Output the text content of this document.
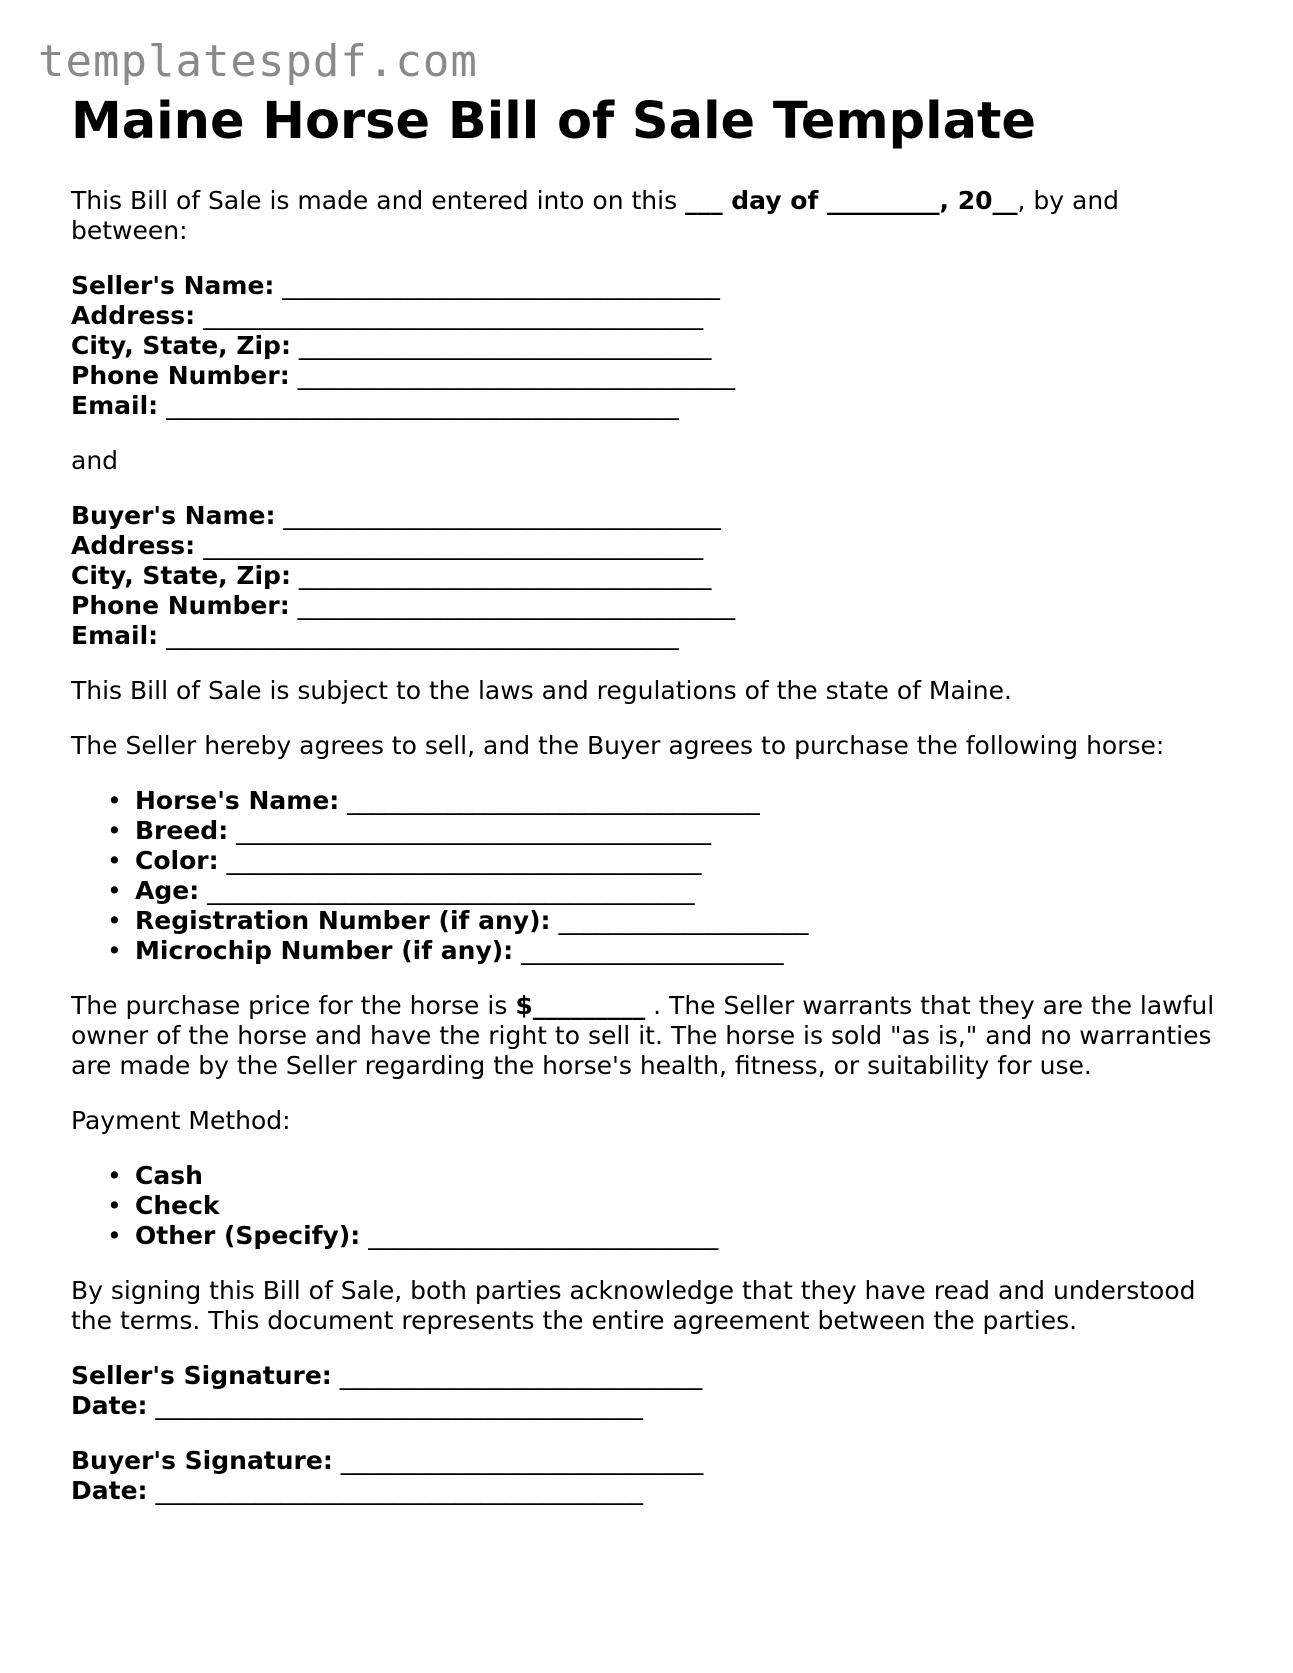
templatespdf.com
Maine Horse Bill of Sale Template

This Bill of Sale is made and entered into on this ___ day of _________, 20__, by and between:

Seller's Name: ___________________________________
Address: ________________________________________
City, State, Zip: _________________________________
Phone Number: ___________________________________
Email: _________________________________________

and

Buyer's Name: ___________________________________
Address: ________________________________________
City, State, Zip: _________________________________
Phone Number: ___________________________________
Email: _________________________________________

This Bill of Sale is subject to the laws and regulations of the state of Maine.

The Seller hereby agrees to sell, and the Buyer agrees to purchase the following horse:

• Horse's Name: _________________________________
• Breed: ______________________________________
• Color: ______________________________________
• Age: _______________________________________
• Registration Number (if any): ____________________
• Microchip Number (if any): _____________________

The purchase price for the horse is $_________ . The Seller warrants that they are the lawful owner of the horse and have the right to sell it. The horse is sold "as is," and no warranties are made by the Seller regarding the horse's health, fitness, or suitability for use.

Payment Method:

• Cash
• Check
• Other (Specify): ____________________________

By signing this Bill of Sale, both parties acknowledge that they have read and understood the terms. This document represents the entire agreement between the parties.

Seller's Signature: _____________________________
Date: _______________________________________
Buyer's Signature: _____________________________
Date: _______________________________________
